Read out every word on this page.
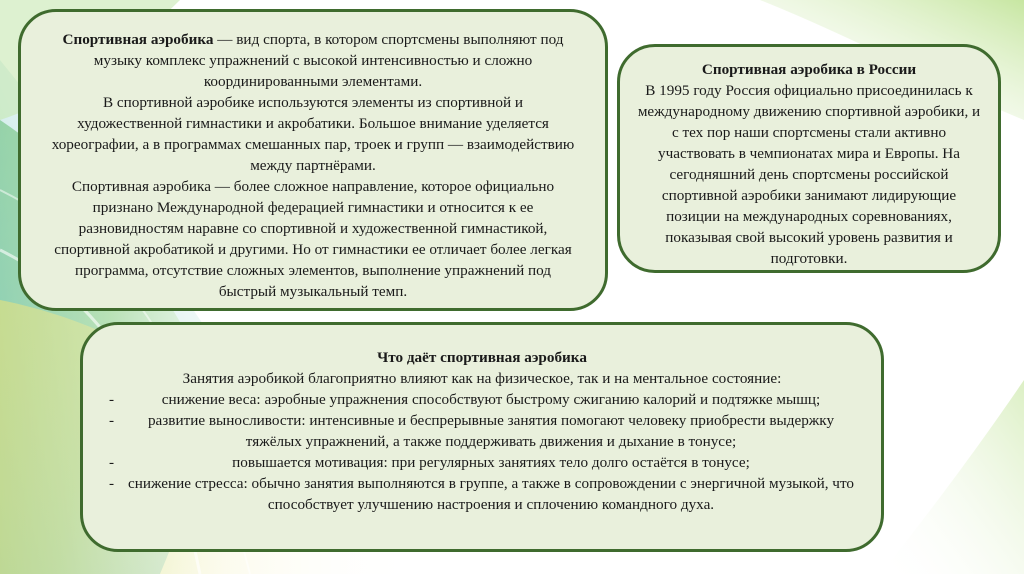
Спортивная аэробика — вид спорта, в котором спортсмены выполняют под музыку комплекс упражнений с высокой интенсивностью и сложно координированными элементами.

В спортивной аэробике используются элементы из спортивной и художественной гимнастики и акробатики. Большое внимание уделяется хореографии, а в программах смешанных пар, троек и групп — взаимодействию между партнёрами.

Спортивная аэробика — более сложное направление, которое официально признано Международной федерацией гимнастики и относится к ее разновидностям наравне со спортивной и художественной гимнастикой, спортивной акробатикой и другими. Но от гимнастики ее отличает более легкая программа, отсутствие сложных элементов, выполнение упражнений под быстрый музыкальный темп.

Спортивная аэробика в России

В 1995 году Россия официально присоединилась к международному движению спортивной аэробики, и с тех пор наши спортсмены стали активно участвовать в чемпионатах мира и Европы. На сегодняшний день спортсмены российской спортивной аэробики занимают лидирующие позиции на международных соревнованиях, показывая свой высокий уровень развития и подготовки.

Что даёт спортивная аэробика

Занятия аэробикой благоприятно влияют как на физическое, так и на ментальное состояние:

-	снижение веса: аэробные упражнения способствуют быстрому сжиганию калорий и подтяжке мышц;
-	развитие выносливости: интенсивные и беспрерывные занятия помогают человеку приобрести выдержку тяжёлых упражнений, а также поддерживать движения и дыхание в тонусе;
-	повышается мотивация: при регулярных занятиях тело долго остаётся в тонусе;
- снижение стресса: обычно занятия выполняются в группе, а также в сопровождении с энергичной музыкой, что способствует улучшению настроения и сплочению командного духа.
